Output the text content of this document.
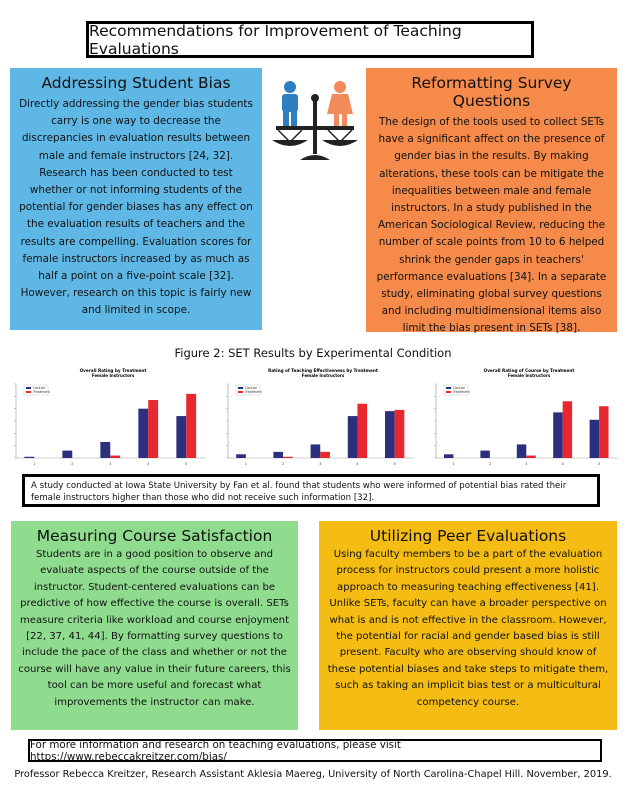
Recommendations for Improvement of Teaching Evaluations
Addressing Student Bias

Directly addressing the gender bias students carry is one way to decrease the discrepancies in evaluation results between male and female instructors [24, 32]. Research has been conducted to test whether or not informing students of the potential for gender biases has any effect on the evaluation results of teachers and the results are compelling. Evaluation scores for female instructors increased by as much as half a point on a five-point scale [32]. However, research on this topic is fairly new and limited in scope.

Reformatting Survey Questions

The design of the tools used to collect SETs have a significant affect on the presence of gender bias in the results. By making alterations, these tools can be mitigate the inequalities between male and female instructors. In a study published in the American Sociological Review, reducing the number of scale points from 10 to 6 helped shrink the gender gaps in teachers' performance evaluations [34]. In a separate study, eliminating global survey questions and including multidimensional items also limit the bias present in SETs [38].

Figure 2: SET Results by Experimental Condition
Overall Rating by Treatment
Female Instructors
1	2	3	4	5
Control
Treatment
Rating of Teaching Effectiveness by Treatment
Female Instructors
1	2	3	4	5
Control
Treatment
Overall Rating of Course by Treatment
Female Instructors
1	2	3	4	5
Control
Treatment
A study conducted at Iowa State University by Fan et al. found that students who were informed of potential bias rated their female instructors higher than those who did not receive such information [32].
Measuring Course Satisfaction

Students are in a good position to observe and evaluate aspects of the course outside of the instructor. Student-centered evaluations can be predictive of how effective the course is overall. SETs measure criteria like workload and course enjoyment [22, 37, 41, 44]. By formatting survey questions to include the pace of the class and whether or not the course will have any value in their future careers, this tool can be more useful and forecast what improvements the instructor can make.

Utilizing Peer Evaluations

Using faculty members to be a part of the evaluation process for instructors could present a more holistic approach to measuring teaching effectiveness [41]. Unlike SETs, faculty can have a broader perspective on what is and is not effective in the classroom. However, the potential for racial and gender based bias is still present. Faculty who are observing should know of these potential biases and take steps to mitigate them, such as taking an implicit bias test or a multicultural competency course.

For more information and research on teaching evaluations, please visit https://www.rebeccakreitzer.com/bias/
Professor Rebecca Kreitzer, Research Assistant Aklesia Maereg, University of North Carolina-Chapel Hill. November, 2019.
